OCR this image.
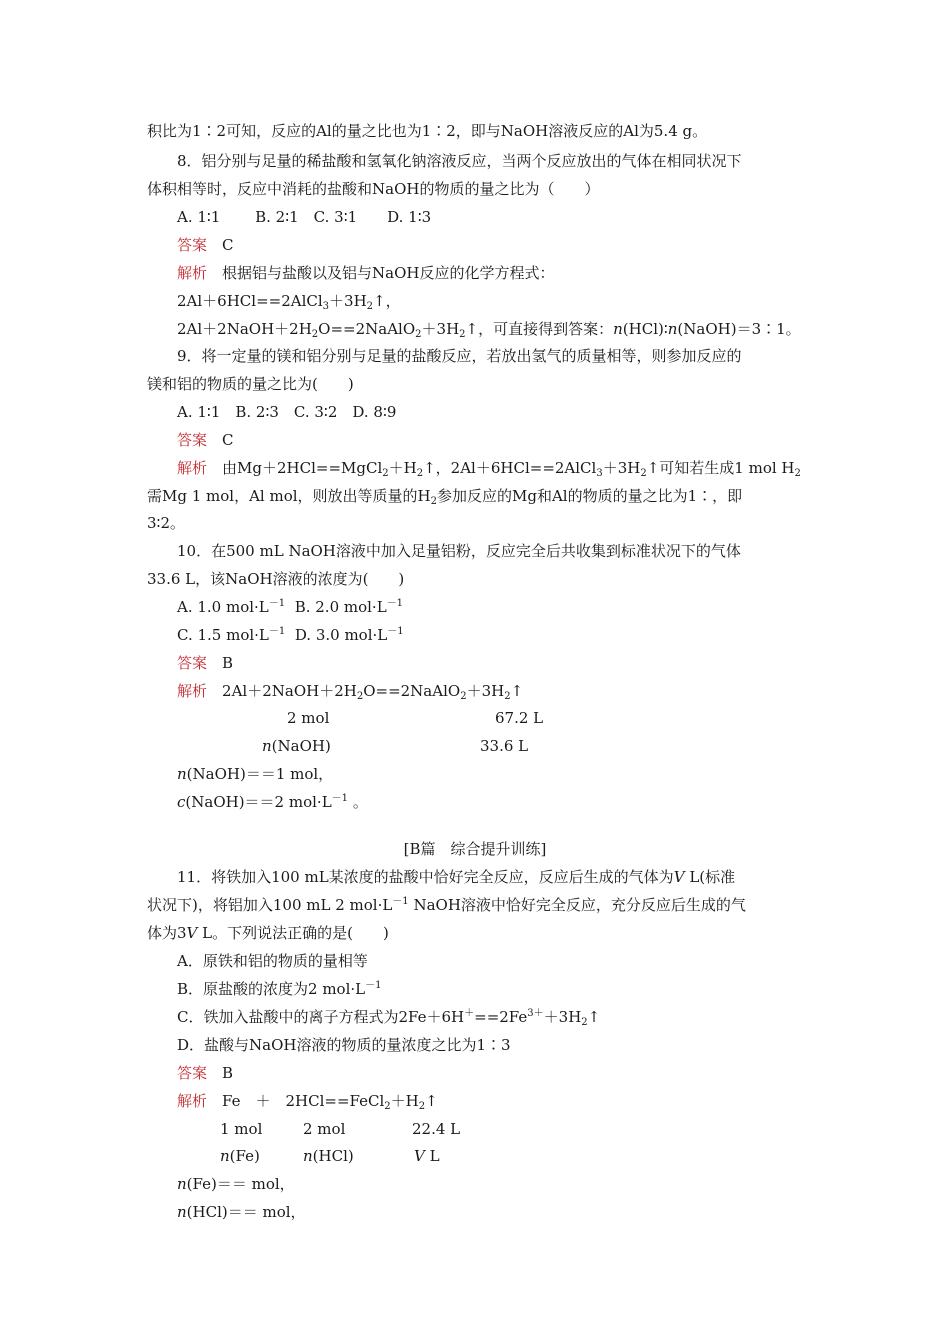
积比为1∶2可知，反应的Al的量之比也为1∶2，即与NaOH溶液反应的Al为5.4 g。
8．铝分别与足量的稀盐酸和氢氧化钠溶液反应，当两个反应放出的气体在相同状况下
体积相等时，反应中消耗的盐酸和NaOH的物质的量之比为（　　）
A. 1∶1　　 B. 2∶1　C. 3∶1　　D. 1∶3
答案　 C
解析　 根据铝与盐酸以及铝与NaOH反应的化学方程式：
$2Al+6HCl==2AlCl_3+3H_2↑$，
$2Al+2NaOH+2H_2O==2NaAlO_2+3H_2↑$，可直接得到答案：n(HCl)∶n(NaOH)＝3∶1。
9．将一定量的镁和铝分别与足量的盐酸反应，若放出氢气的质量相等，则参加反应的
镁和铝的物质的量之比为(　　)
A. 1∶1　B. 2∶3　C. 3∶2　D. 8∶9
答案　 C
解析　 由$Mg+2HCl==MgCl_2+H_2↑$，$2Al+6HCl==2AlCl_3+3H_2↑$可知若生成1 mol $H_2$
需Mg 1 mol，Al mol，则放出等质量的$H_2$参加反应的Mg和Al的物质的量之比为1∶，即
3∶2。
10．在500 mL NaOH溶液中加入足量铝粉，反应完全后共收集到标准状况下的气体
33.6 L，该NaOH溶液的浓度为(　　)
A. 1.0 $mol\cdot L^{-1}$ B. 2.0 $mol\cdot L^{-1}$
C. 1.5 $mol\cdot L^{-1}$ D. 3.0 $mol\cdot L^{-1}$
答案　 B
解析　 $2Al+2NaOH+2H_2O==2NaAlO_2+3H_2↑$
2 mol	67.2 L
n(NaOH)	33.6 L
n(NaOH)＝＝1 mol，
c(NaOH)＝＝2 $mol\cdot L^{-1}$ 。
[B篇　综合提升训练]
11．将铁加入100 mL某浓度的盐酸中恰好完全反应，反应后生成的气体为V L(标准
状况下)，将铝加入100 mL 2 $mol\cdot L^{-1}$ NaOH溶液中恰好完全反应，充分反应后生成的气
体为3V L。下列说法正确的是(　　)
A．原铁和铝的物质的量相等
B．原盐酸的浓度为2 $mol\cdot L^{-1}$
C．铁加入盐酸中的离子方程式为$2Fe+6H^+==2Fe^{3+}+3H_2↑$
D．盐酸与NaOH溶液的物质的量浓度之比为1∶3
答案　 B
解析　 Fe　＋　$2HCl==FeCl_2+H_2↑$
1 mol	2 mol	22.4 L
n(Fe)	n(HCl)	V L
n(Fe)＝＝ mol，
n(HCl)＝＝ mol，
